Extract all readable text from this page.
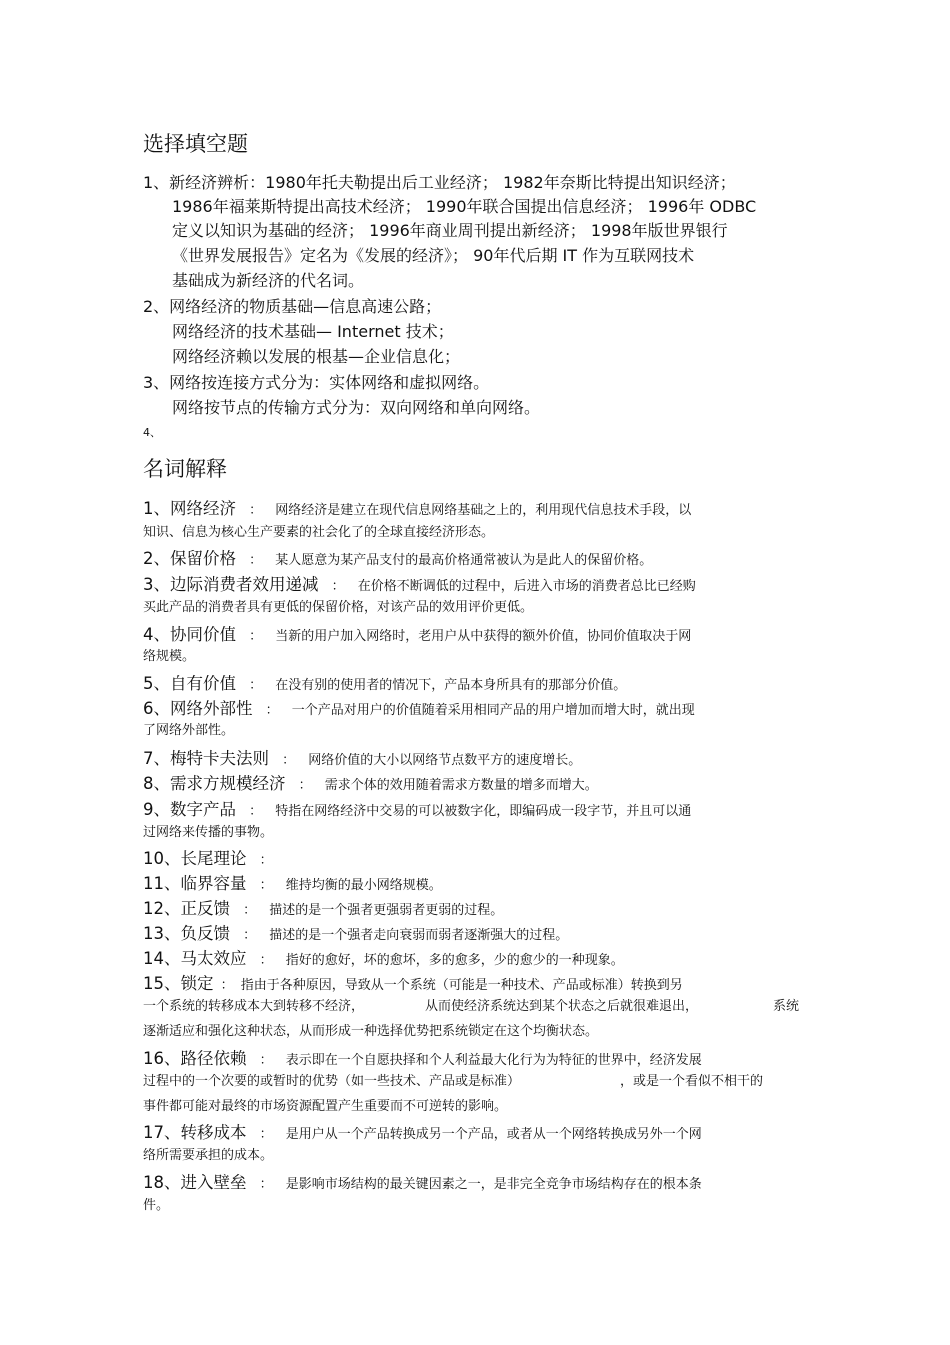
选择填空题
1、新经济辨析：1980年托夫勒提出后工业经济； 1982年奈斯比特提出知识经济；
1986年福莱斯特提出高技术经济； 1990年联合国提出信息经济； 1996年 ODBC
定义以知识为基础的经济； 1996年商业周刊提出新经济； 1998年版世界银行
《世界发展报告》定名为《发展的经济》； 90年代后期 IT 作为互联网技术
基础成为新经济的代名词。
2、网络经济的物质基础—信息高速公路；
网络经济的技术基础— Internet 技术；
网络经济赖以发展的根基—企业信息化；
3、网络按连接方式分为：实体网络和虚拟网络。
网络按节点的传输方式分为：双向网络和单向网络。
4、
名词解释
1、网络经济 ： 网络经济是建立在现代信息网络基础之上的，利用现代信息技术手段，以
知识、信息为核心生产要素的社会化了的全球直接经济形态。
2、保留价格 ： 某人愿意为某产品支付的最高价格通常被认为是此人的保留价格。
3、边际消费者效用递减 ： 在价格不断调低的过程中，后进入市场的消费者总比已经购
买此产品的消费者具有更低的保留价格，对该产品的效用评价更低。
4、协同价值 ： 当新的用户加入网络时，老用户从中获得的额外价值，协同价值取决于网
络规模。
5、自有价值 ： 在没有别的使用者的情况下，产品本身所具有的那部分价值。
6、网络外部性 ： 一个产品对用户的价值随着采用相同产品的用户增加而增大时，就出现
了网络外部性。
7、梅特卡夫法则 ： 网络价值的大小以网络节点数平方的速度增长。
8、需求方规模经济 ： 需求个体的效用随着需求方数量的增多而增大。
9、数字产品 ： 特指在网络经济中交易的可以被数字化，即编码成一段字节，并且可以通
过网络来传播的事物。
10、长尾理论 ：
11、临界容量 ： 维持均衡的最小网络规模。
12、正反馈 ： 描述的是一个强者更强弱者更弱的过程。
13、负反馈 ： 描述的是一个强者走向衰弱而弱者逐渐强大的过程。
14、马太效应 ： 指好的愈好，坏的愈坏，多的愈多，少的愈少的一种现象。
15、锁定 ： 指由于各种原因，导致从一个系统（可能是一种技术、产品或标准）转换到另
一个系统的转移成本大到转移不经济，	从而使经济系统达到某个状态之后就很难退出，	系统
逐渐适应和强化这种状态，从而形成一种选择优势把系统锁定在这个均衡状态。
16、路径依赖 ： 表示即在一个自愿抉择和个人利益最大化行为为特征的世界中，经济发展
过程中的一个次要的或暂时的优势（如一些技术、产品或是标准）	，或是一个看似不相干的
事件都可能对最终的市场资源配置产生重要而不可逆转的影响。
17、转移成本 ： 是用户从一个产品转换成另一个产品，或者从一个网络转换成另外一个网
络所需要承担的成本。
18、进入壁垒 ： 是影响市场结构的最关键因素之一，是非完全竞争市场结构存在的根本条
件。
